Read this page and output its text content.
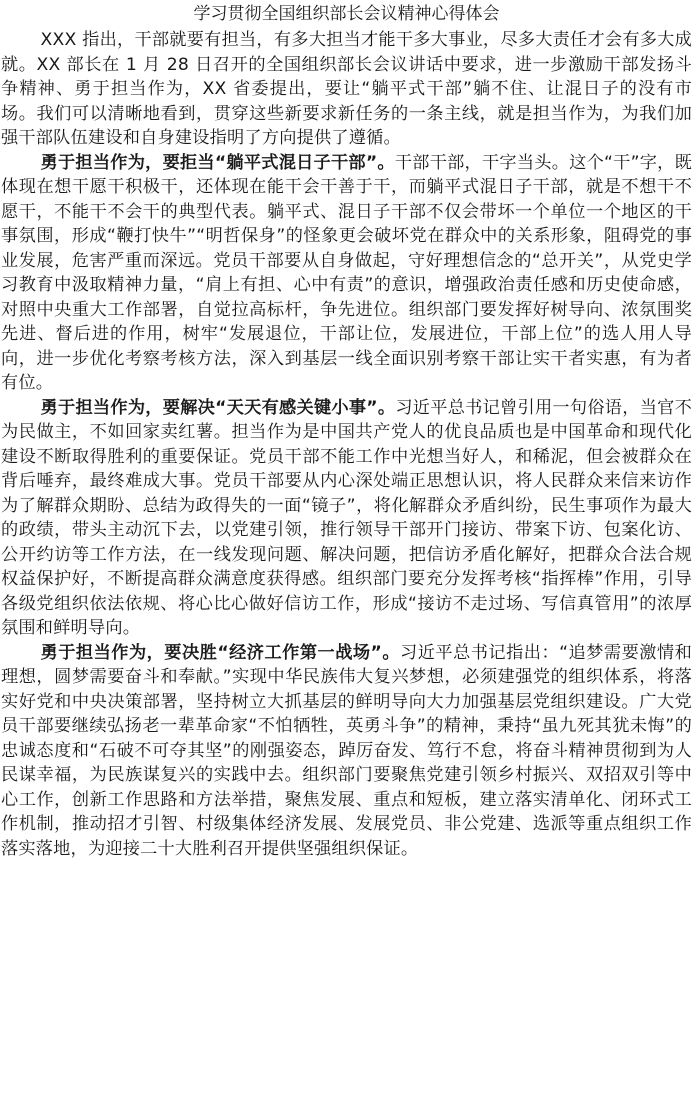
学习贯彻全国组织部长会议精神心得体会

XXX 指出，干部就要有担当，有多大担当才能干多大事业，尽多大责任才会有多大成就。XX 部长在 1 月 28 日召开的全国组织部长会议讲话中要求，进一步激励干部发扬斗争精神、勇于担当作为，XX 省委提出，要让“躺平式干部”躺不住、让混日子的没有市场。我们可以清晰地看到，贯穿这些新要求新任务的一条主线，就是担当作为，为我们加强干部队伍建设和自身建设指明了方向提供了遵循。

勇于担当作为，要拒当“躺平式混日子干部”。干部干部，干字当头。这个“干”字，既体现在想干愿干积极干，还体现在能干会干善于干，而躺平式混日子干部，就是不想干不愿干，不能干不会干的典型代表。躺平式、混日子干部不仅会带坏一个单位一个地区的干事氛围，形成“鞭打快牛”“明哲保身”的怪象更会破坏党在群众中的关系形象，阻碍党的事业发展，危害严重而深远。党员干部要从自身做起，守好理想信念的“总开关”，从党史学习教育中汲取精神力量，“肩上有担、心中有责”的意识，增强政治责任感和历史使命感，对照中央重大工作部署，自觉拉高标杆，争先进位。组织部门要发挥好树导向、浓氛围奖先进、督后进的作用，树牢“发展退位，干部让位，发展进位，干部上位”的选人用人导向，进一步优化考察考核方法，深入到基层一线全面识别考察干部让实干者实惠，有为者有位。

勇于担当作为，要解决“天天有感关键小事”。习近平总书记曾引用一句俗语，当官不为民做主，不如回家卖红薯。担当作为是中国共产党人的优良品质也是中国革命和现代化建设不断取得胜利的重要保证。党员干部不能工作中光想当好人，和稀泥，但会被群众在背后唾弃，最终难成大事。党员干部要从内心深处端正思想认识，将人民群众来信来访作为了解群众期盼、总结为政得失的一面“镜子”，将化解群众矛盾纠纷，民生事项作为最大的政绩，带头主动沉下去，以党建引领，推行领导干部开门接访、带案下访、包案化访、公开约访等工作方法，在一线发现问题、解决问题，把信访矛盾化解好，把群众合法合规权益保护好，不断提高群众满意度获得感。组织部门要充分发挥考核“指挥棒”作用，引导各级党组织依法依规、将心比心做好信访工作，形成“接访不走过场、写信真管用”的浓厚氛围和鲜明导向。

勇于担当作为，要决胜“经济工作第一战场”。习近平总书记指出：“追梦需要激情和理想，圆梦需要奋斗和奉献。”实现中华民族伟大复兴梦想，必须建强党的组织体系，将落实好党和中央决策部署，坚持树立大抓基层的鲜明导向大力加强基层党组织建设。广大党员干部要继续弘扬老一辈革命家“不怕牺牲，英勇斗争”的精神，秉持“虽九死其犹未悔”的忠诚态度和“石破不可夺其坚”的刚强姿态，踔厉奋发、笃行不怠，将奋斗精神贯彻到为人民谋幸福，为民族谋复兴的实践中去。组织部门要聚焦党建引领乡村振兴、双招双引等中心工作，创新工作思路和方法举措，聚焦发展、重点和短板，建立落实清单化、闭环式工作机制，推动招才引智、村级集体经济发展、发展党员、非公党建、选派等重点组织工作落实落地，为迎接二十大胜利召开提供坚强组织保证。
